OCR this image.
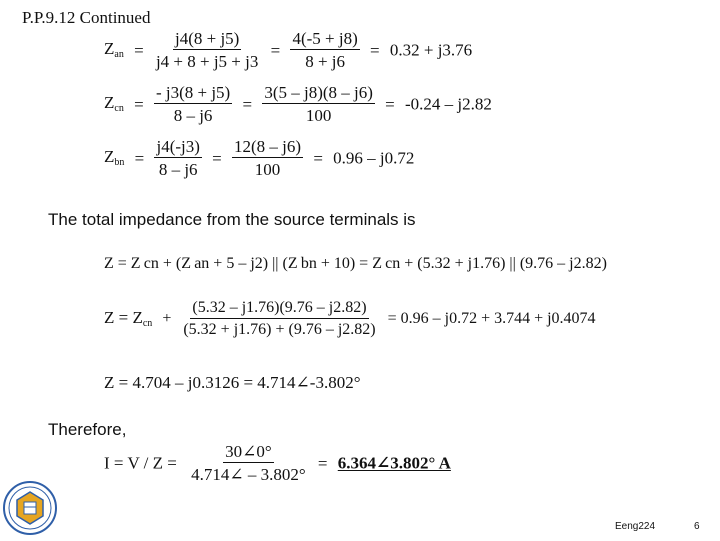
P.P.9.12 Continued
$Z_{an} = \frac{j4(8 + j5)}{j4 + 8 + j5 + j3} = \frac{4(-5 + j8)}{8 + j6} = 0.32 + j3.76$
$Z_{cn} = \frac{- j3(8 + j5)}{8 - j6} = \frac{3(5 - j8)(8 - j6)}{100} = -0.24 - j2.82$
$Z_{bn} = \frac{j4(-j3)}{8 - j6} = \frac{12(8 - j6)}{100} = 0.96 - j0.72$
The total impedance from the source terminals is
Z = Z cn + (Z an + 5 – j2) || (Z bn + 10) = Z cn + (5.32 + j1.76) || (9.76 – j2.82)
$Z = Z_{cn} + \frac{(5.32 - j1.76)(9.76 - j2.82)}{(5.32 + j1.76) + (9.76 - j2.82)} = 0.96 - j0.72 + 3.744 + j0.4074$
Z = 4.704 – j0.3126 = 4.714∠-3.802°
Therefore,
$I = V / Z = \frac{30\angle 0^\circ}{4.714\angle - 3.802^\circ}$ = 6.364∠3.802° A
Eeng224	6
